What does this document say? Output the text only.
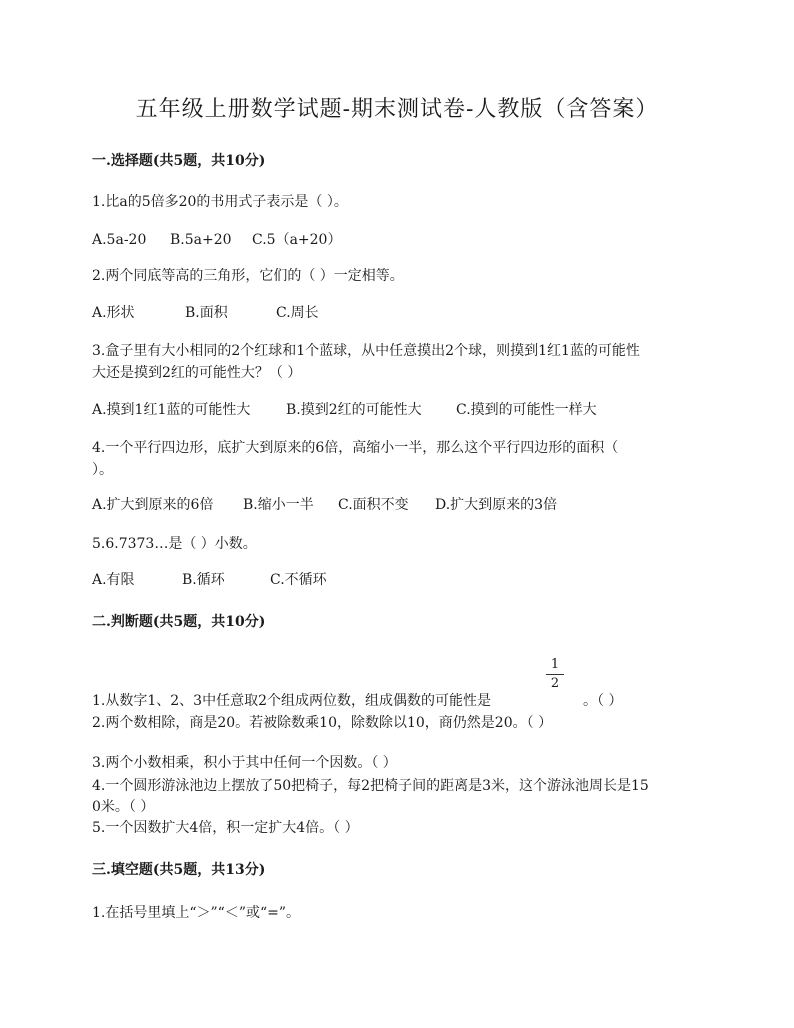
五年级上册数学试题-期末测试卷-人教版（含答案）
一.选择题(共5题，共10分)
1.比a的5倍多20的书用式子表示是（ ）。
A.5a-20 B.5a+20 C.5（a+20）
2.两个同底等高的三角形，它们的（ ）一定相等。
A.形状	B.面积	C.周长
3.盒子里有大小相同的2个红球和1个蓝球，从中任意摸出2个球，则摸到1红1蓝的可能性
大还是摸到2红的可能性大？（ ）
A.摸到1红1蓝的可能性大	B.摸到2红的可能性大 C.摸到的可能性一样大
4.一个平行四边形，底扩大到原来的6倍，高缩小一半，那么这个平行四边形的面积（
）。
A.扩大到原来的6倍 B.缩小一半 C.面积不变 D.扩大到原来的3倍
5.6.7373…是（ ）小数。
A.有限	B.循环	C.不循环
二.判断题(共5题，共10分)
1
2
1.从数字1、2、3中任意取2个组成两位数，组成偶数的可能性是	。（ ）
2.两个数相除，商是20。若被除数乘10，除数除以10，商仍然是20。（ ）
3.两个小数相乘，积小于其中任何一个因数。（ ）
4.一个圆形游泳池边上摆放了50把椅子，每2把椅子间的距离是3米，这个游泳池周长是15
0米。（ ）
5.一个因数扩大4倍，积一定扩大4倍。（ ）
三.填空题(共5题，共13分)
1.在括号里填上“＞”“＜”或“=”。
